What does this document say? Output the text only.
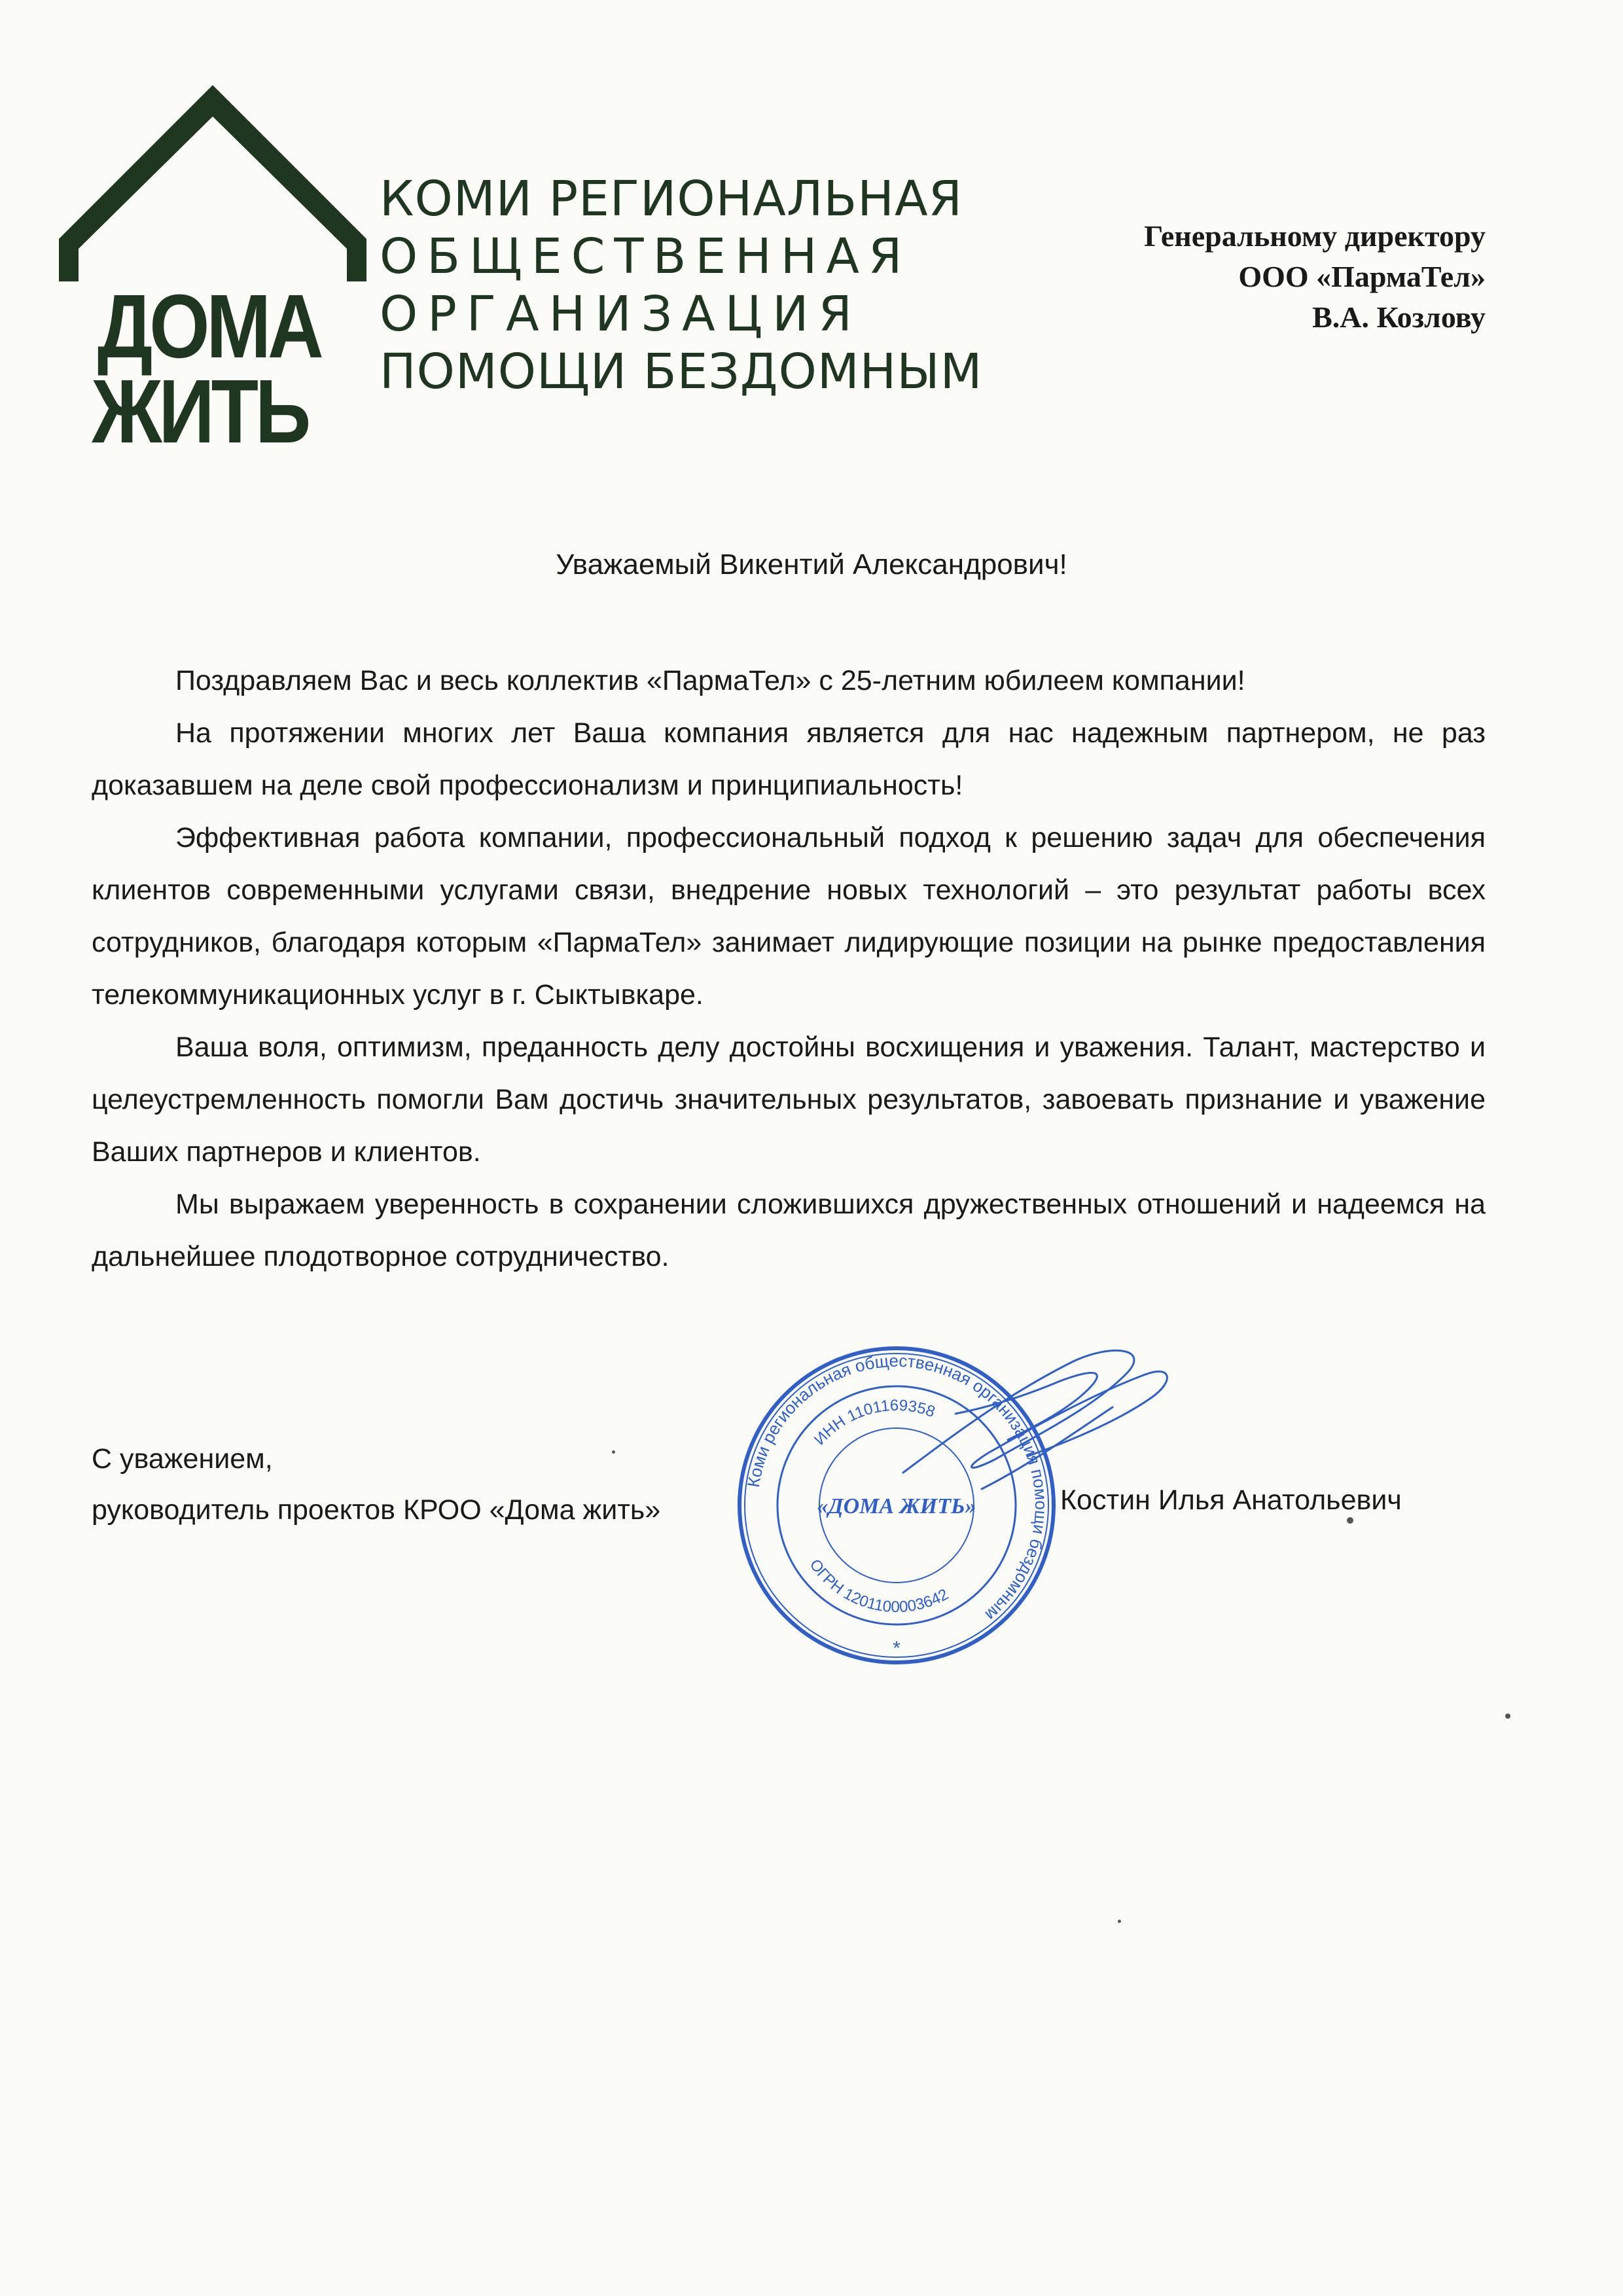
ДОМА
ЖИТЬ
КОМИ РЕГИОНАЛЬНАЯ
ОБЩЕСТВЕННАЯ
ОРГАНИЗАЦИЯ
ПОМОЩИ БЕЗДОМНЫМ
Генеральному директору
ООО «ПармаТел»
В.А. Козлову
Уважаемый Викентий Александрович!

Поздравляем Вас и весь коллектив «ПармаТел» с 25-летним юбилеем компании!

На протяжении многих лет Ваша компания является для нас надежным партнером, не раз доказавшем на деле свой профессионализм и принципиальность!

Эффективная работа компании, профессиональный подход к решению задач для обеспечения клиентов современными услугами связи, внедрение новых технологий – это результат работы всех сотрудников, благодаря которым «ПармаТел» занимает лидирующие позиции на рынке предоставления телекоммуникационных услуг в г. Сыктывкаре.

Ваша воля, оптимизм, преданность делу достойны восхищения и уважения. Талант, мастерство и целеустремленность помогли Вам достичь значительных результатов, завоевать признание и уважение Ваших партнеров и клиентов.

Мы выражаем уверенность в сохранении сложившихся дружественных отношений и надеемся на дальнейшее плодотворное сотрудничество.

С уважением,
руководитель проектов КРОО «Дома жить»	Костин Илья Анатольевич
Коми региональная общественная организация помощи бездомным
ИНН 1101169358
«ДОМА ЖИТЬ»
ОГРН 1201100003642
*
